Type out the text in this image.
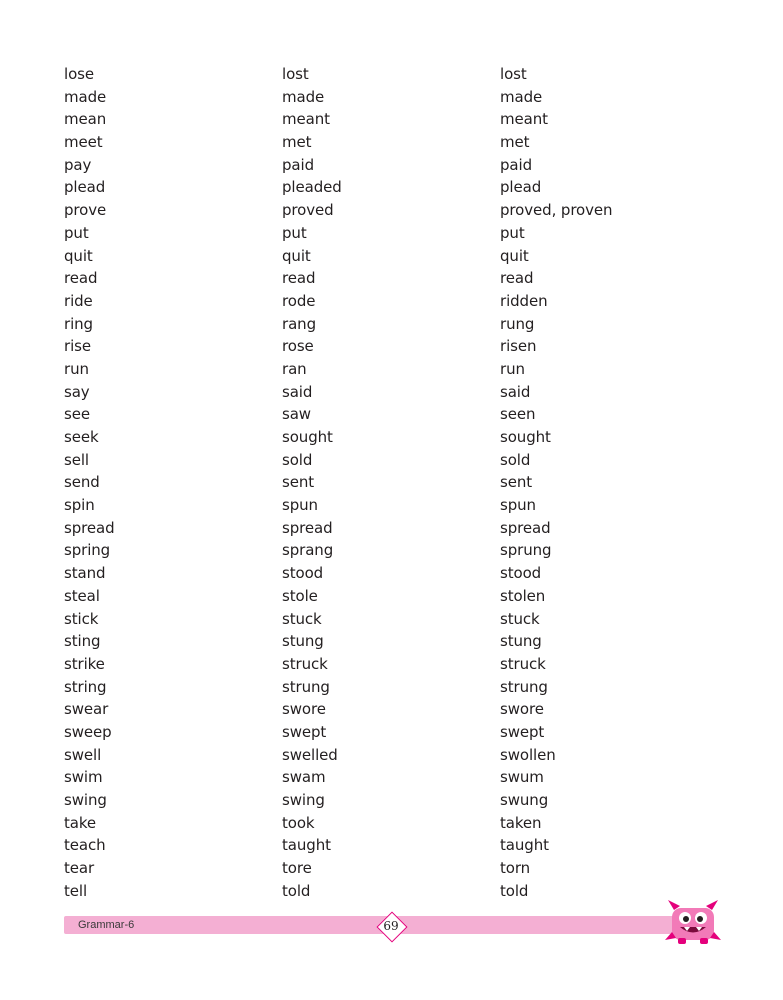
lose	lost	lost
made	made	made
mean	meant	meant
meet	met	met
pay	paid	paid
plead	pleaded	plead
prove	proved	proved, proven
put	put	put
quit	quit	quit
read	read	read
ride	rode	ridden
ring	rang	rung
rise	rose	risen
run	ran	run
say	said	said
see	saw	seen
seek	sought	sought
sell	sold	sold
send	sent	sent
spin	spun	spun
spread	spread	spread
spring	sprang	sprung
stand	stood	stood
steal	stole	stolen
stick	stuck	stuck
sting	stung	stung
strike	struck	struck
string	strung	strung
swear	swore	swore
sweep	swept	swept
swell	swelled	swollen
swim	swam	swum
swing	swing	swung
take	took	taken
teach	taught	taught
tear	tore	torn
tell	told	told
Grammar-6	69
